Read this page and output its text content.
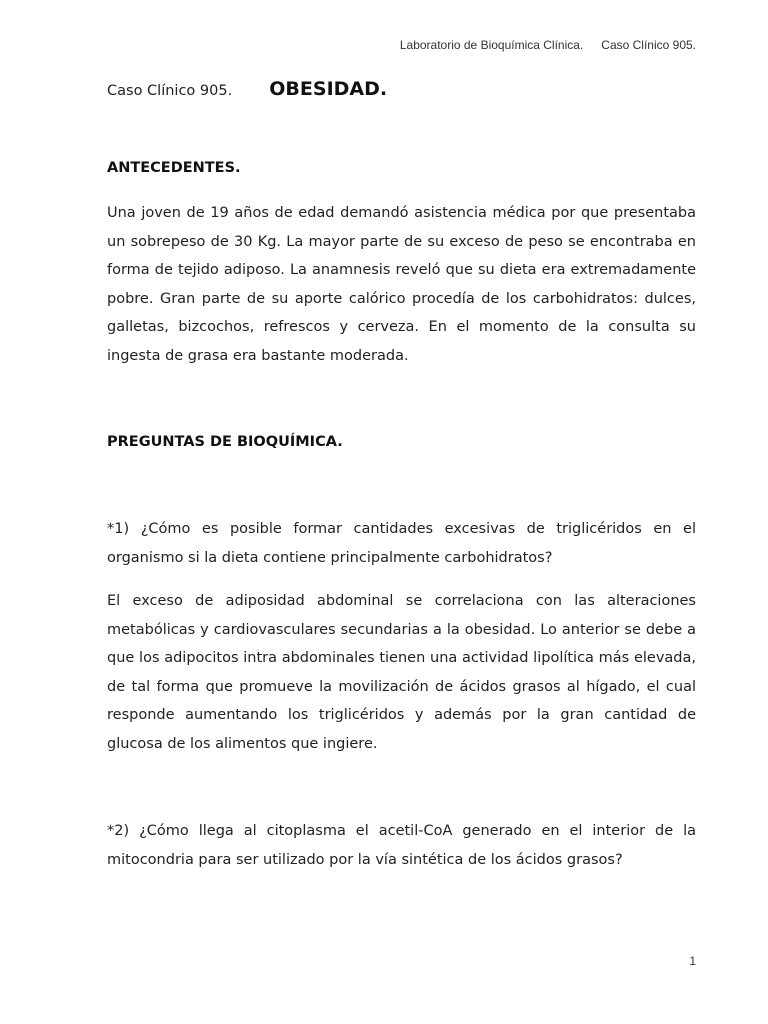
Laboratorio de Bioquímica Clínica. Caso Clínico 905.
Caso Clínico 905. OBESIDAD.
ANTECEDENTES.
Una joven de 19 años de edad demandó asistencia médica por que presentaba un sobrepeso de 30 Kg. La mayor parte de su exceso de peso se encontraba en forma de tejido adiposo. La anamnesis reveló que su dieta era extremadamente pobre. Gran parte de su aporte calórico procedía de los carbohidratos: dulces, galletas, bizcochos, refrescos y cerveza. En el momento de la consulta su ingesta de grasa era bastante moderada.
PREGUNTAS DE BIOQUÍMICA.
*1) ¿Cómo es posible formar cantidades excesivas de triglicéridos en el organismo si la dieta contiene principalmente carbohidratos?
El exceso de adiposidad abdominal se correlaciona con las alteraciones metabólicas y cardiovasculares secundarias a la obesidad. Lo anterior se debe a que los adipocitos intra abdominales tienen una actividad lipolítica más elevada, de tal forma que promueve la movilización de ácidos grasos al hígado, el cual responde aumentando los triglicéridos y además por la gran cantidad de glucosa de los alimentos que ingiere.
*2) ¿Cómo llega al citoplasma el acetil-CoA generado en el interior de la mitocondria para ser utilizado por la vía sintética de los ácidos grasos?
1
